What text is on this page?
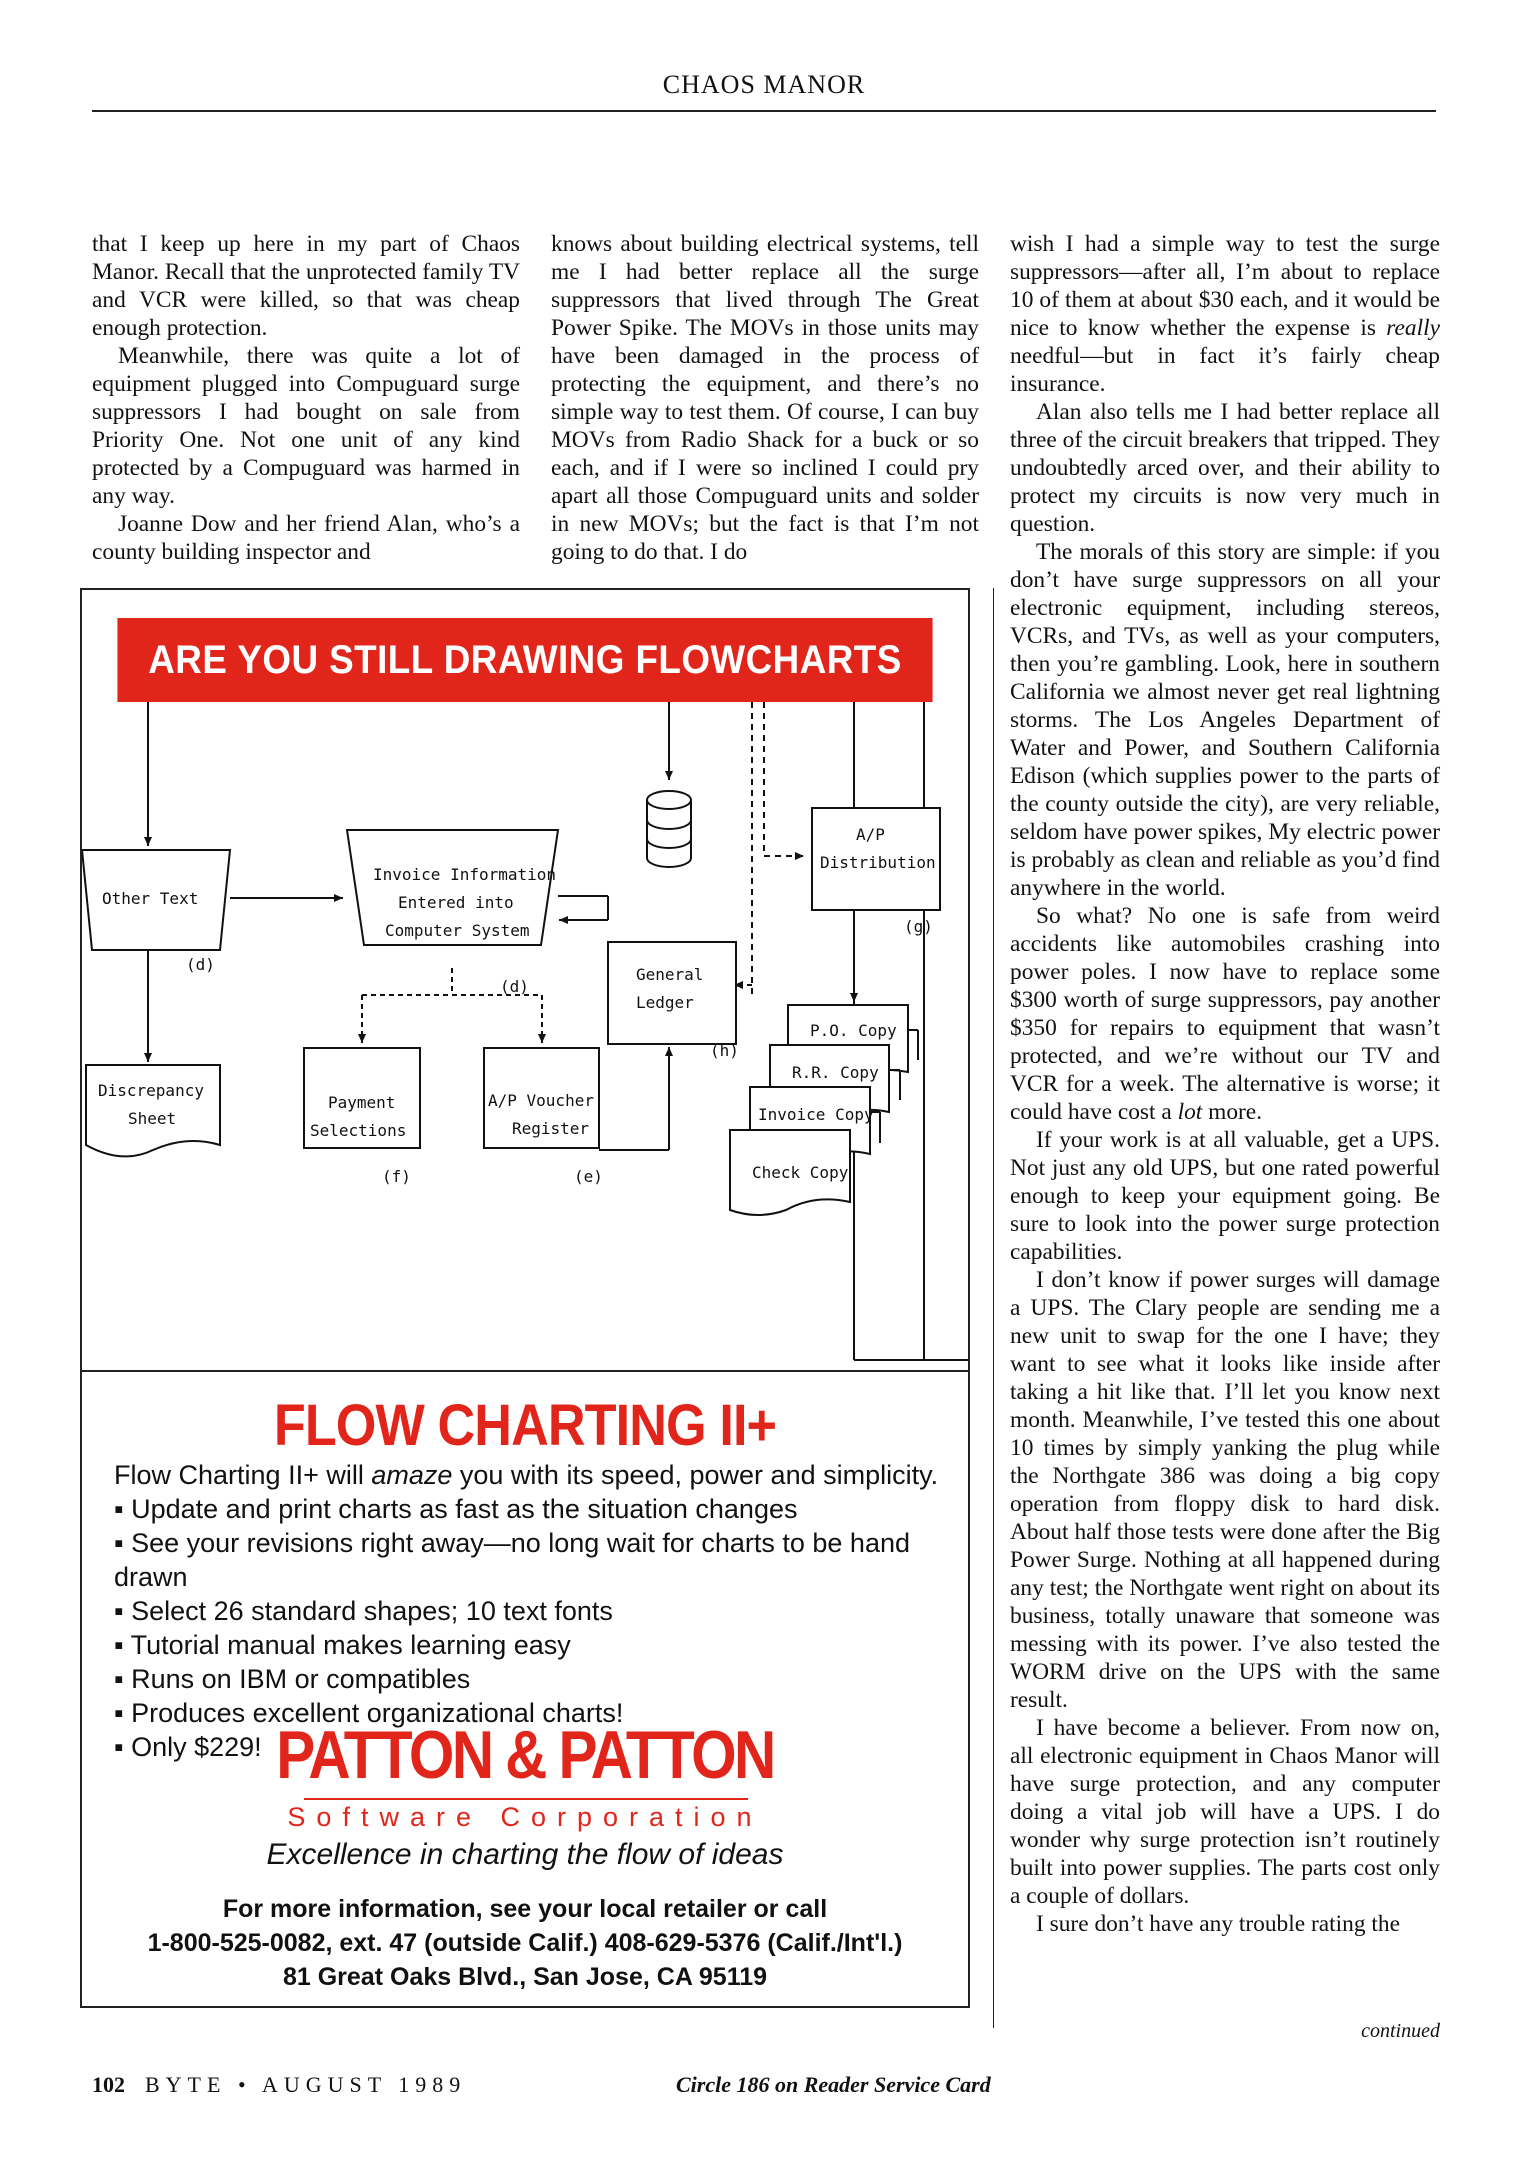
CHAOS MANOR

that I keep up here in my part of Chaos Manor. Recall that the unprotected family TV and VCR were killed, so that was cheap enough protection.

Meanwhile, there was quite a lot of equipment plugged into Compuguard surge suppressors I had bought on sale from Priority One. Not one unit of any kind protected by a Compuguard was harmed in any way.

Joanne Dow and her friend Alan, who’s a county building inspector and

knows about building electrical systems, tell me I had better replace all the surge suppressors that lived through The Great Power Spike. The MOVs in those units may have been damaged in the process of protecting the equipment, and there’s no simple way to test them. Of course, I can buy MOVs from Radio Shack for a buck or so each, and if I were so inclined I could pry apart all those Compuguard units and solder in new MOVs; but the fact is that I’m not going to do that. I do

wish I had a simple way to test the surge suppressors—after all, I’m about to replace 10 of them at about $30 each, and it would be nice to know whether the expense is really needful—but in fact it’s fairly cheap insurance.

Alan also tells me I had better replace all three of the circuit breakers that tripped. They undoubtedly arced over, and their ability to protect my circuits is now very much in question.

The morals of this story are simple: if you don’t have surge suppressors on all your electronic equipment, including stereos, VCRs, and TVs, as well as your computers, then you’re gambling. Look, here in southern California we almost never get real lightning storms. The Los Angeles Department of Water and Power, and Southern California Edison (which supplies power to the parts of the county outside the city), are very reliable, seldom have power spikes, My electric power is probably as clean and reliable as you’d find anywhere in the world.

So what? No one is safe from weird accidents like automobiles crashing into power poles. I now have to replace some $300 worth of surge suppressors, pay another $350 for repairs to equipment that wasn’t protected, and we’re without our TV and VCR for a week. The alternative is worse; it could have cost a lot more.

If your work is at all valuable, get a UPS. Not just any old UPS, but one rated powerful enough to keep your equipment going. Be sure to look into the power surge protection capabilities.

I don’t know if power surges will damage a UPS. The Clary people are sending me a new unit to swap for the one I have; they want to see what it looks like inside after taking a hit like that. I’ll let you know next month. Meanwhile, I’ve tested this one about 10 times by simply yanking the plug while the Northgate 386 was doing a big copy operation from floppy disk to hard disk. About half those tests were done after the Big Power Surge. Nothing at all happened during any test; the Northgate went right on about its business, totally unaware that someone was messing with its power. I’ve also tested the WORM drive on the UPS with the same result.

I have become a believer. From now on, all electronic equipment in Chaos Manor will have surge protection, and any computer doing a vital job will have a UPS. I do wonder why surge protection isn’t routinely built into power supplies. The parts cost only a couple of dollars.

I sure don’t have any trouble rating the

continued
Other Text
(d)
Invoice Information
Entered into
Computer System
(d)
A/P
Distribution
(g)
General
Ledger
(h)
Discrepancy
Sheet
Payment
Selections
(f)
A/P Voucher
Register
(e)
P.O. Copy
R.R. Copy
Invoice Copy
Check Copy
ARE YOU STILL DRAWING FLOWCHARTS BY HAND?
FLOW CHARTING II+
Flow Charting II+ will amaze you with its speed, power and simplicity.
▪ Update and print charts as fast as the situation changes
▪ See your revisions right away—no long wait for charts to be hand drawn
▪ Select 26 standard shapes; 10 text fonts
▪ Tutorial manual makes learning easy
▪ Runs on IBM or compatibles
▪ Produces excellent organizational charts!
▪ Only $229! PATTON & PATTON
Software Corporation
Excellence in charting the flow of ideas
For more information, see your local retailer or call
1-800-525-0082, ext. 47 (outside Calif.) 408-629-5376 (Calif./Int'l.)
81 Great Oaks Blvd., San Jose, CA 95119
102 BYTE • AUGUST 1989	Circle 186 on Reader Service Card
